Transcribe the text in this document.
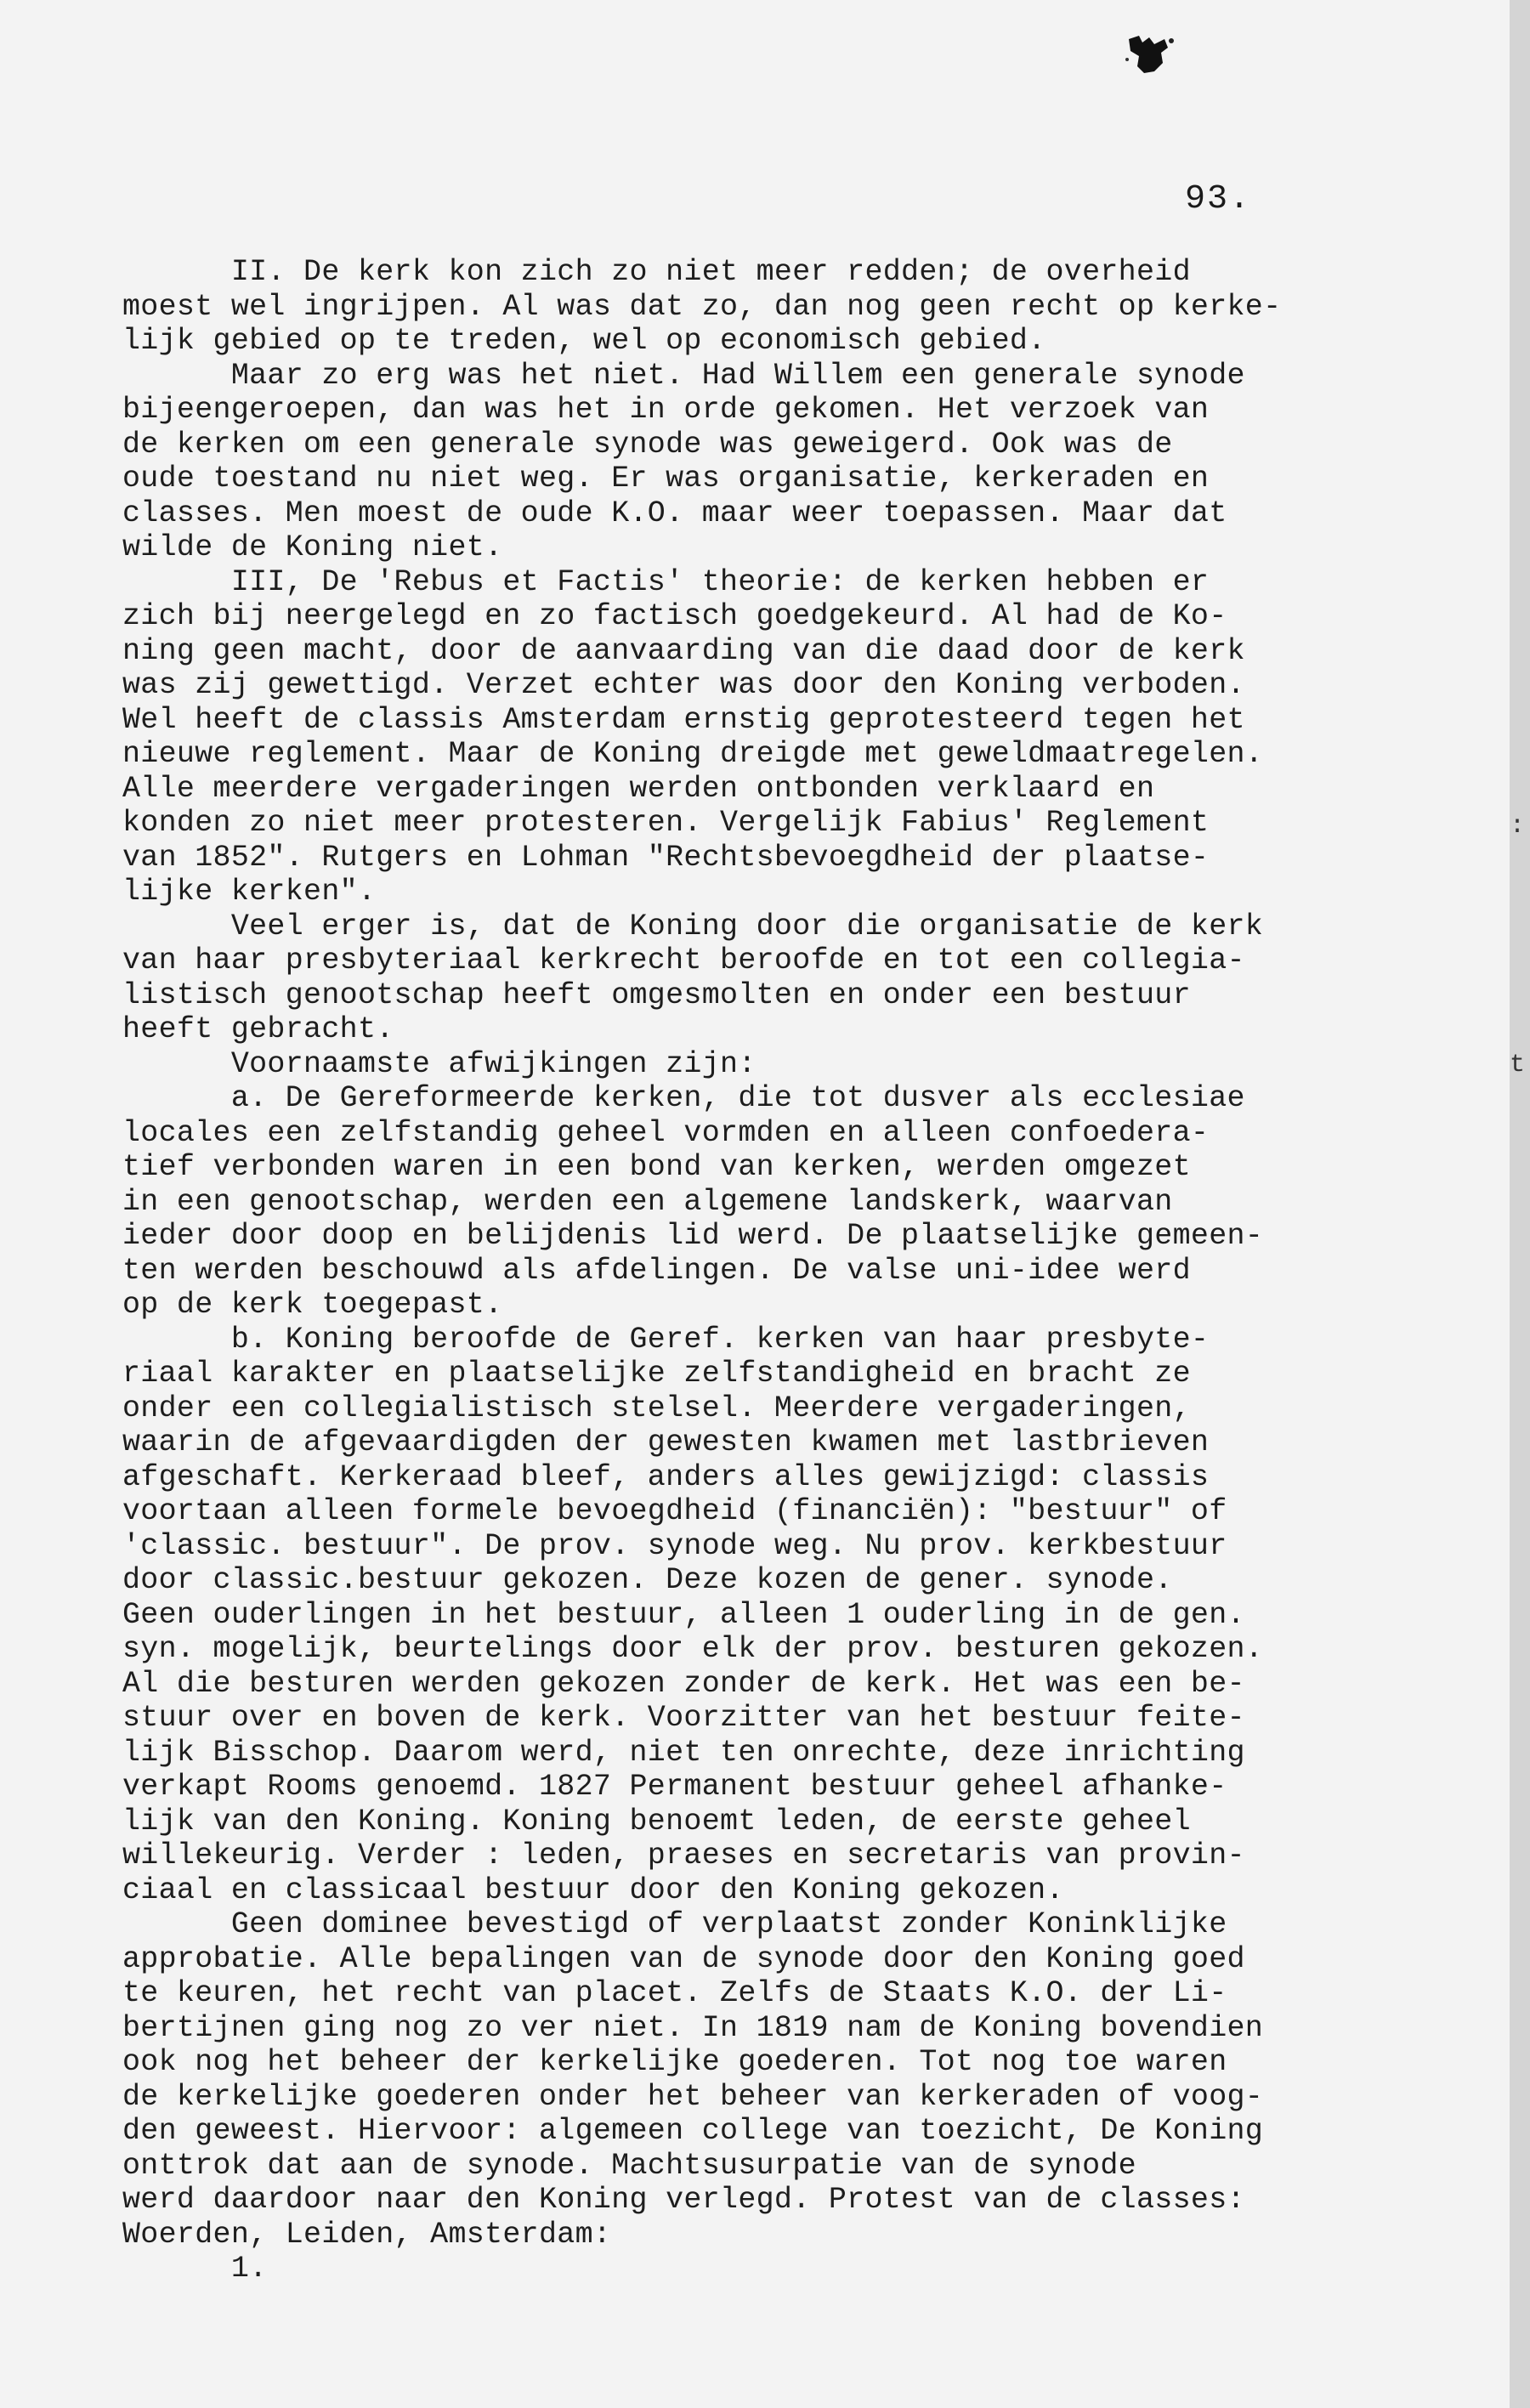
93.
II. De kerk kon zich zo niet meer redden; de overheid
moest wel ingrijpen. Al was dat zo, dan nog geen recht op kerke-
lijk gebied op te treden, wel op economisch gebied.
Maar zo erg was het niet. Had Willem een generale synode
bijeengeroepen, dan was het in orde gekomen. Het verzoek van
de kerken om een generale synode was geweigerd. Ook was de
oude toestand nu niet weg. Er was organisatie, kerkeraden en
classes. Men moest de oude K.O. maar weer toepassen. Maar dat
wilde de Koning niet.
III, De 'Rebus et Factis' theorie: de kerken hebben er
zich bij neergelegd en zo factisch goedgekeurd. Al had de Ko-
ning geen macht, door de aanvaarding van die daad door de kerk
was zij gewettigd. Verzet echter was door den Koning verboden.
Wel heeft de classis Amsterdam ernstig geprotesteerd tegen het
nieuwe reglement. Maar de Koning dreigde met geweldmaatregelen.
Alle meerdere vergaderingen werden ontbonden verklaard en
konden zo niet meer protesteren. Vergelijk Fabius' Reglement
van 1852". Rutgers en Lohman "Rechtsbevoegdheid der plaatse-
lijke kerken".
Veel erger is, dat de Koning door die organisatie de kerk
van haar presbyteriaal kerkrecht beroofde en tot een collegia-
listisch genootschap heeft omgesmolten en onder een bestuur
heeft gebracht.
Voornaamste afwijkingen zijn:
a. De Gereformeerde kerken, die tot dusver als ecclesiae
locales een zelfstandig geheel vormden en alleen confoedera-
tief verbonden waren in een bond van kerken, werden omgezet
in een genootschap, werden een algemene landskerk, waarvan
ieder door doop en belijdenis lid werd. De plaatselijke gemeen-
ten werden beschouwd als afdelingen. De valse uni-idee werd
op de kerk toegepast.
b. Koning beroofde de Geref. kerken van haar presbyte-
riaal karakter en plaatselijke zelfstandigheid en bracht ze
onder een collegialistisch stelsel. Meerdere vergaderingen,
waarin de afgevaardigden der gewesten kwamen met lastbrieven
afgeschaft. Kerkeraad bleef, anders alles gewijzigd: classis
voortaan alleen formele bevoegdheid (financiën): "bestuur" of
'classic. bestuur". De prov. synode weg. Nu prov. kerkbestuur
door classic.bestuur gekozen. Deze kozen de gener. synode.
Geen ouderlingen in het bestuur, alleen 1 ouderling in de gen.
syn. mogelijk, beurtelings door elk der prov. besturen gekozen.
Al die besturen werden gekozen zonder de kerk. Het was een be-
stuur over en boven de kerk. Voorzitter van het bestuur feite-
lijk Bisschop. Daarom werd, niet ten onrechte, deze inrichting
verkapt Rooms genoemd. 1827 Permanent bestuur geheel afhanke-
lijk van den Koning. Koning benoemt leden, de eerste geheel
willekeurig. Verder : leden, praeses en secretaris van provin-
ciaal en classicaal bestuur door den Koning gekozen.
Geen dominee bevestigd of verplaatst zonder Koninklijke
approbatie. Alle bepalingen van de synode door den Koning goed
te keuren, het recht van placet. Zelfs de Staats K.O. der Li-
bertijnen ging nog zo ver niet. In 1819 nam de Koning bovendien
ook nog het beheer der kerkelijke goederen. Tot nog toe waren
de kerkelijke goederen onder het beheer van kerkeraden of voog-
den geweest. Hiervoor: algemeen college van toezicht, De Koning
onttrok dat aan de synode. Machtsusurpatie van de synode
werd daardoor naar den Koning verlegd. Protest van de classes:
Woerden, Leiden, Amsterdam:
1.
:
t
